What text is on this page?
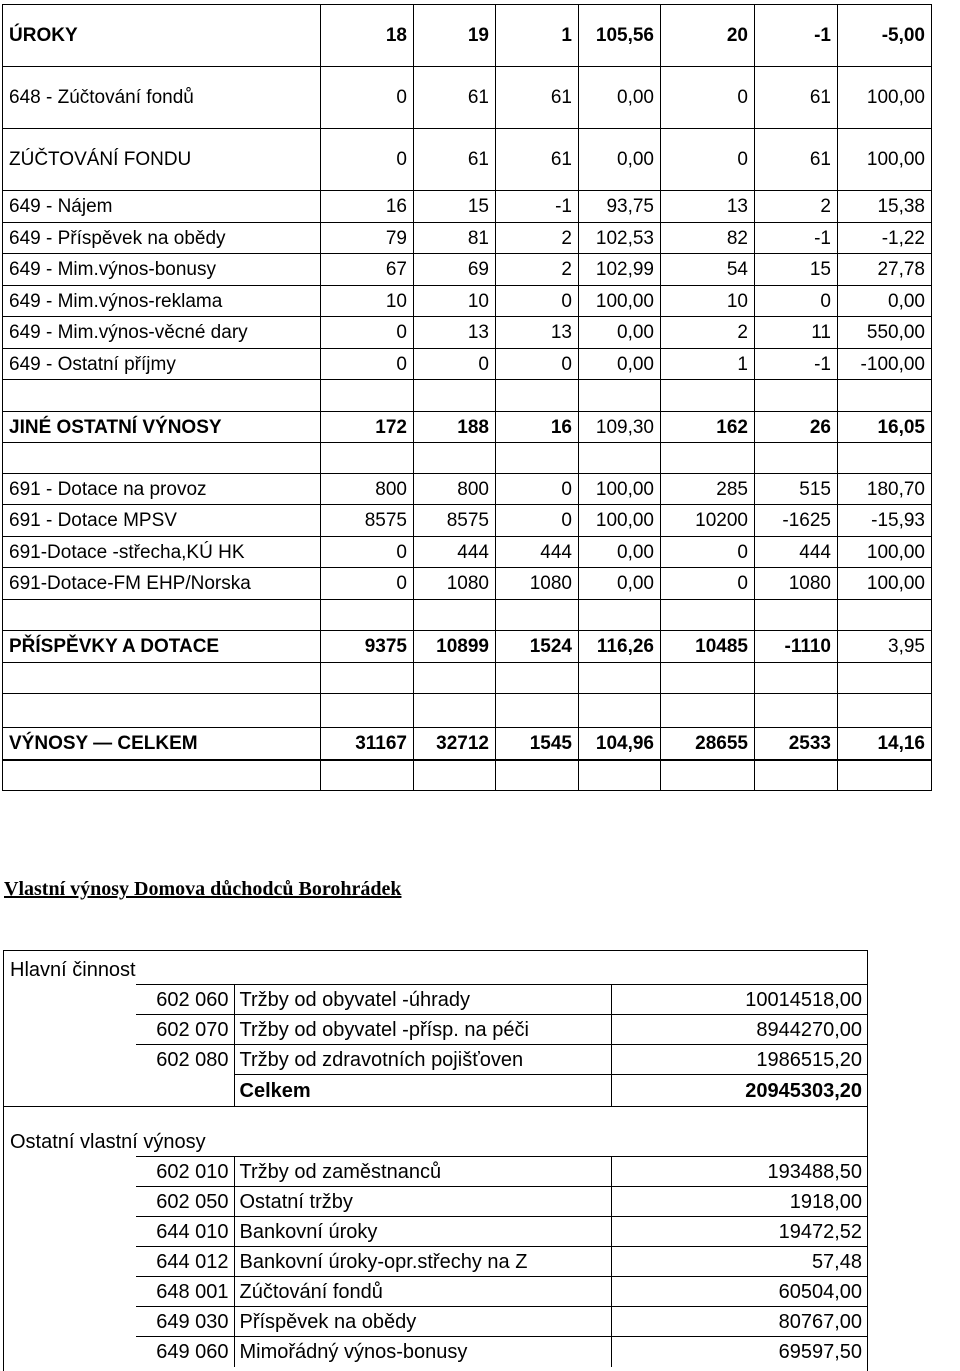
ÚROKY	18	19	1	105,56	20	-1	-5,00
648 - Zúčtování fondů	0	61	61	0,00	0	61	100,00
ZÚČTOVÁNÍ FONDU	0	61	61	0,00	0	61	100,00
649 - Nájem	16	15	-1	93,75	13	2	15,38
649 - Příspěvek na obědy	79	81	2	102,53	82	-1	-1,22
649 - Mim.výnos-bonusy	67	69	2	102,99	54	15	27,78
649 - Mim.výnos-reklama	10	10	0	100,00	10	0	0,00
649 - Mim.výnos-věcné dary	0	13	13	0,00	2	11	550,00
649 - Ostatní příjmy	0	0	0	0,00	1	-1	-100,00

JINÉ OSTATNÍ VÝNOSY	172	188	16	109,30	162	26	16,05

691 - Dotace na provoz	800	800	0	100,00	285	515	180,70
691 - Dotace MPSV	8575	8575	0	100,00	10200	-1625	-15,93
691-Dotace -střecha,KÚ HK	0	444	444	0,00	0	444	100,00
691-Dotace-FM EHP/Norska	0	1080	1080	0,00	0	1080	100,00

PŘÍSPĚVKY A DOTACE	9375	10899	1524	116,26	10485	-1110	3,95

VÝNOSY — CELKEM	31167	32712	1545	104,96	28655	2533	14,16

Vlastní výnosy Domova důchodců Borohrádek
Hlavní činnost
602 060	Tržby od obyvatel -úhrady	10014518,00
602 070	Tržby od obyvatel -přísp. na péči	8944270,00
602 080	Tržby od zdravotních pojišťoven	1986515,20
	Celkem	20945303,20
Ostatní vlastní výnosy
602 010	Tržby od zaměstnanců	193488,50
602 050	Ostatní tržby	1918,00
644 010	Bankovní úroky	19472,52
644 012	Bankovní úroky-opr.střechy na Z	57,48
648 001	Zúčtování fondů	60504,00
649 030	Příspěvek na obědy	80767,00
649 060	Mimořádný výnos-bonusy	69597,50
